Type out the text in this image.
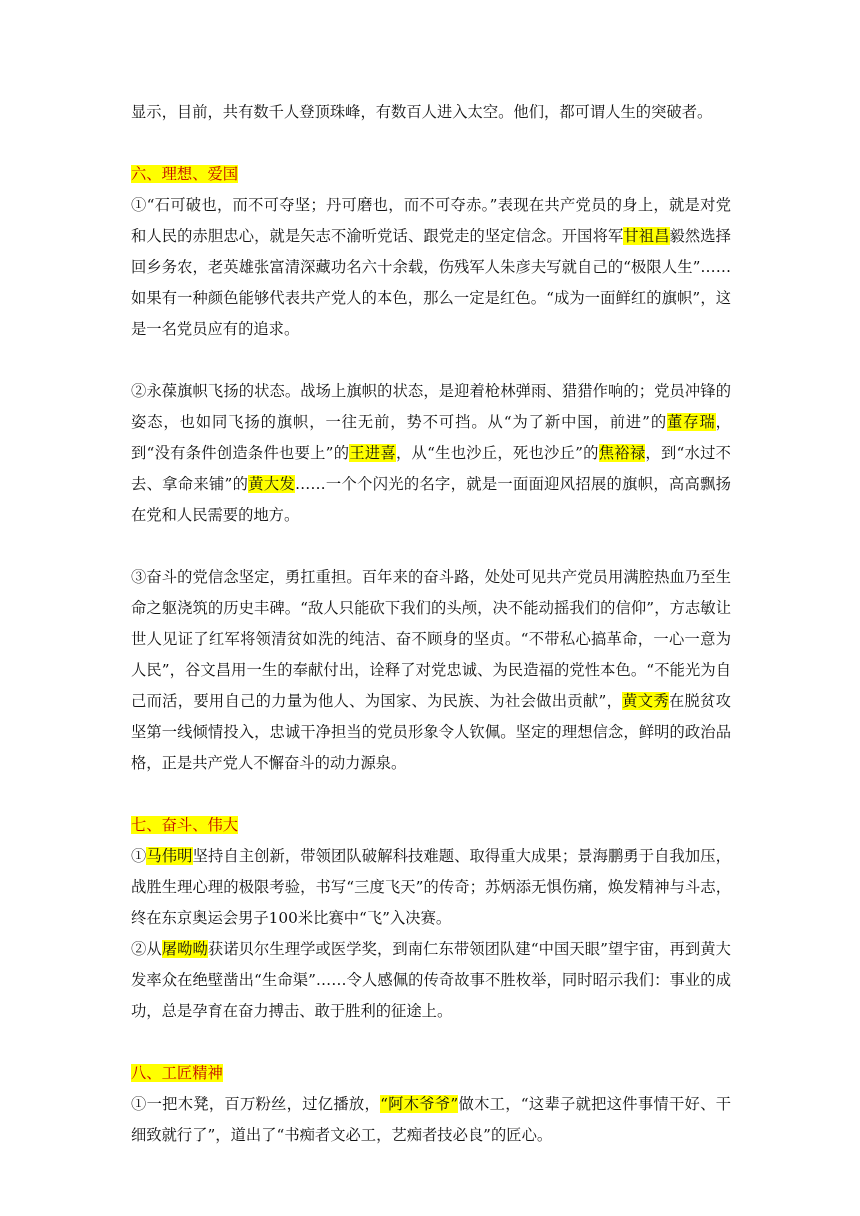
显示，目前，共有数千人登顶珠峰，有数百人进入太空。他们，都可谓人生的突破者。

六、理想、爱国

①“石可破也，而不可夺坚；丹可磨也，而不可夺赤。”表现在共产党员的身上，就是对党和人民的赤胆忠心，就是矢志不渝听党话、跟党走的坚定信念。开国将军甘祖昌毅然选择回乡务农，老英雄张富清深藏功名六十余载，伤残军人朱彦夫写就自己的“极限人生”……如果有一种颜色能够代表共产党人的本色，那么一定是红色。“成为一面鲜红的旗帜”，这是一名党员应有的追求。

②永葆旗帜飞扬的状态。战场上旗帜的状态，是迎着枪林弹雨、猎猎作响的；党员冲锋的姿态，也如同飞扬的旗帜，一往无前，势不可挡。从“为了新中国，前进”的董存瑞，到“没有条件创造条件也要上”的王进喜，从“生也沙丘，死也沙丘”的焦裕禄，到“水过不去、拿命来铺”的黄大发……一个个闪光的名字，就是一面面迎风招展的旗帜，高高飘扬在党和人民需要的地方。

③奋斗的党信念坚定，勇扛重担。百年来的奋斗路，处处可见共产党员用满腔热血乃至生命之躯浇筑的历史丰碑。“敌人只能砍下我们的头颅，决不能动摇我们的信仰”，方志敏让世人见证了红军将领清贫如洗的纯洁、奋不顾身的坚贞。“不带私心搞革命，一心一意为人民”，谷文昌用一生的奉献付出，诠释了对党忠诚、为民造福的党性本色。“不能光为自己而活，要用自己的力量为他人、为国家、为民族、为社会做出贡献”，黄文秀在脱贫攻坚第一线倾情投入，忠诚干净担当的党员形象令人钦佩。坚定的理想信念，鲜明的政治品格，正是共产党人不懈奋斗的动力源泉。

七、奋斗、伟大

①马伟明坚持自主创新，带领团队破解科技难题、取得重大成果；景海鹏勇于自我加压，战胜生理心理的极限考验，书写“三度飞天”的传奇；苏炳添无惧伤痛，焕发精神与斗志，终在东京奥运会男子100米比赛中“飞”入决赛。

②从屠呦呦获诺贝尔生理学或医学奖，到南仁东带领团队建“中国天眼”望宇宙，再到黄大发率众在绝壁凿出“生命渠”……令人感佩的传奇故事不胜枚举，同时昭示我们：事业的成功，总是孕育在奋力搏击、敢于胜利的征途上。

八、工匠精神

①一把木凳，百万粉丝，过亿播放，“阿木爷爷”做木工，“这辈子就把这件事情干好、干细致就行了”，道出了“书痴者文必工，艺痴者技必良”的匠心。
